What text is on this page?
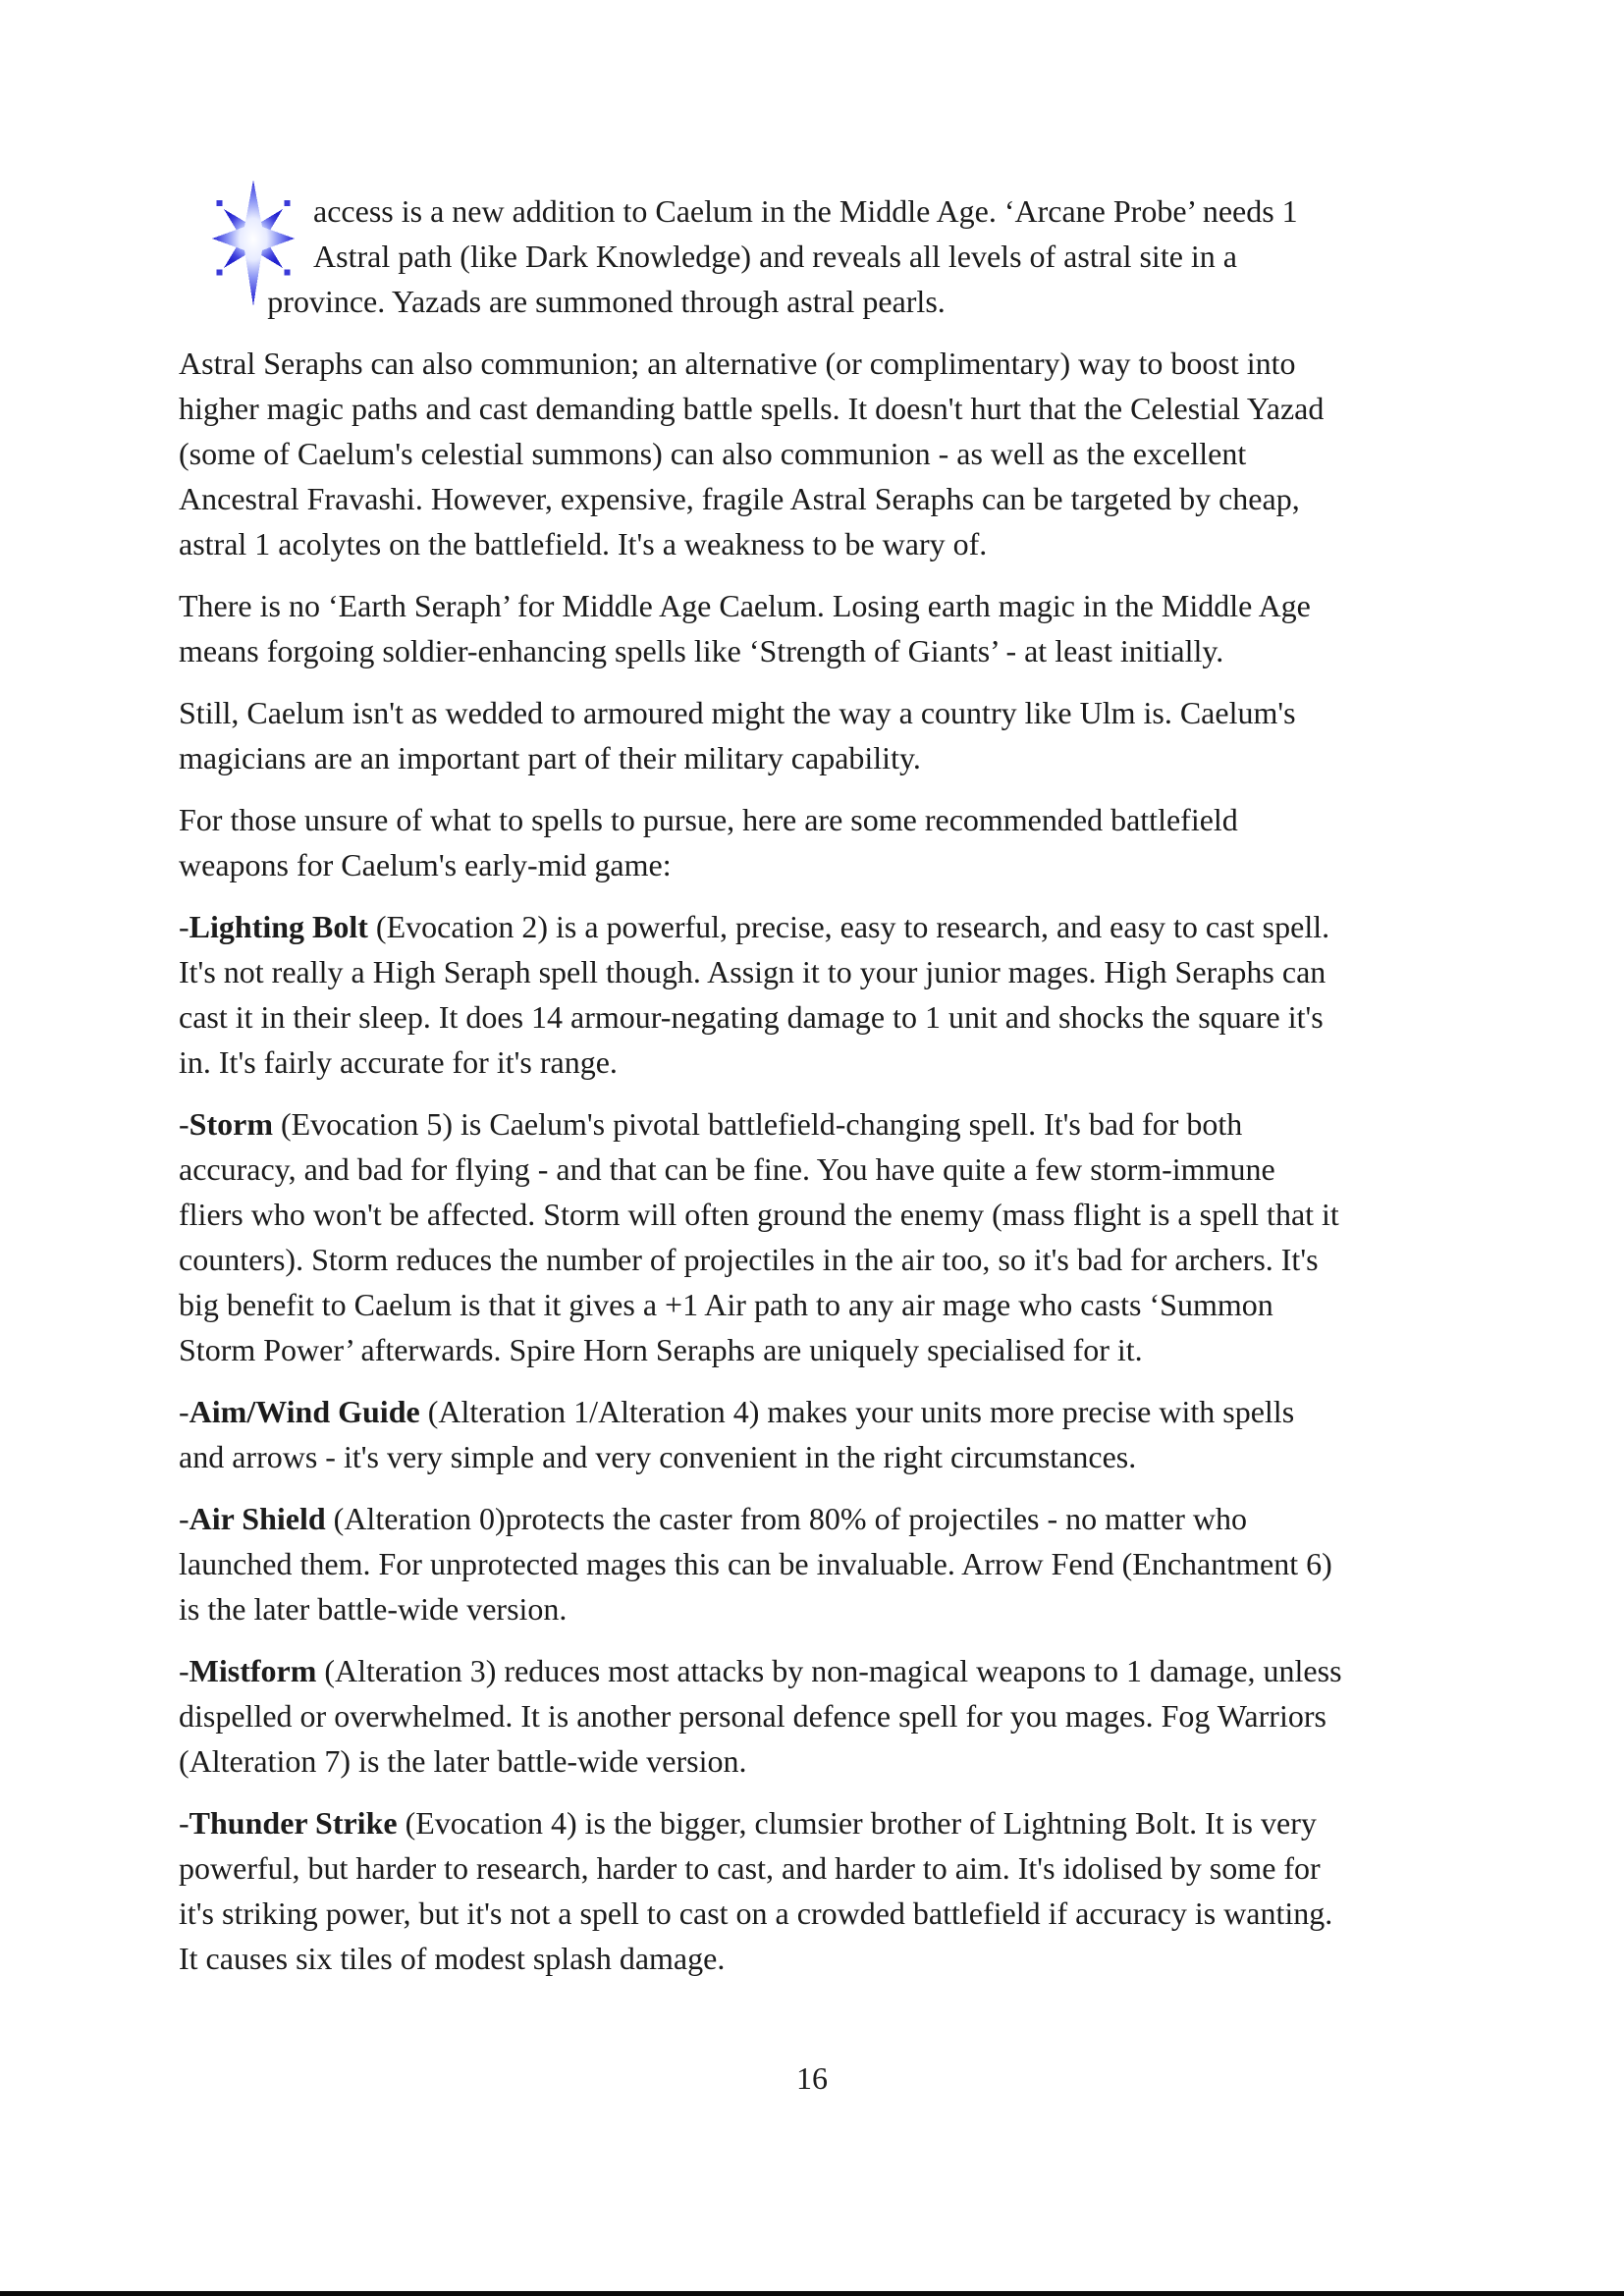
access is a new addition to Caelum in the Middle Age. ‘Arcane Probe’ needs 1 Astral path (like Dark Knowledge) and reveals all levels of astral site in a province. Yazads are summoned through astral pearls.

Astral Seraphs can also communion; an alternative (or complimentary) way to boost into higher magic paths and cast demanding battle spells. It doesn't hurt that the Celestial Yazad (some of Caelum's celestial summons) can also communion - as well as the excellent Ancestral Fravashi. However, expensive, fragile Astral Seraphs can be targeted by cheap, astral 1 acolytes on the battlefield. It's a weakness to be wary of.

There is no ‘Earth Seraph’ for Middle Age Caelum. Losing earth magic in the Middle Age means forgoing soldier-enhancing spells like ‘Strength of Giants’ - at least initially.

Still, Caelum isn't as wedded to armoured might the way a country like Ulm is. Caelum's magicians are an important part of their military capability.

For those unsure of what to spells to pursue, here are some recommended battlefield weapons for Caelum's early-mid game:

-Lighting Bolt (Evocation 2) is a powerful, precise, easy to research, and easy to cast spell. It's not really a High Seraph spell though. Assign it to your junior mages. High Seraphs can cast it in their sleep. It does 14 armour-negating damage to 1 unit and shocks the square it's in. It's fairly accurate for it's range.

-Storm (Evocation 5) is Caelum's pivotal battlefield-changing spell. It's bad for both accuracy, and bad for flying - and that can be fine. You have quite a few storm-immune fliers who won't be affected. Storm will often ground the enemy (mass flight is a spell that it counters). Storm reduces the number of projectiles in the air too, so it's bad for archers. It's big benefit to Caelum is that it gives a +1 Air path to any air mage who casts ‘Summon Storm Power’ afterwards. Spire Horn Seraphs are uniquely specialised for it.

-Aim/Wind Guide (Alteration 1/Alteration 4) makes your units more precise with spells and arrows - it's very simple and very convenient in the right circumstances.

-Air Shield (Alteration 0)protects the caster from 80% of projectiles - no matter who launched them. For unprotected mages this can be invaluable. Arrow Fend (Enchantment 6) is the later battle-wide version.

-Mistform (Alteration 3) reduces most attacks by non-magical weapons to 1 damage, unless dispelled or overwhelmed. It is another personal defence spell for you mages. Fog Warriors (Alteration 7) is the later battle-wide version.

-Thunder Strike (Evocation 4) is the bigger, clumsier brother of Lightning Bolt. It is very powerful, but harder to research, harder to cast, and harder to aim. It's idolised by some for it's striking power, but it's not a spell to cast on a crowded battlefield if accuracy is wanting. It causes six tiles of modest splash damage.

16
